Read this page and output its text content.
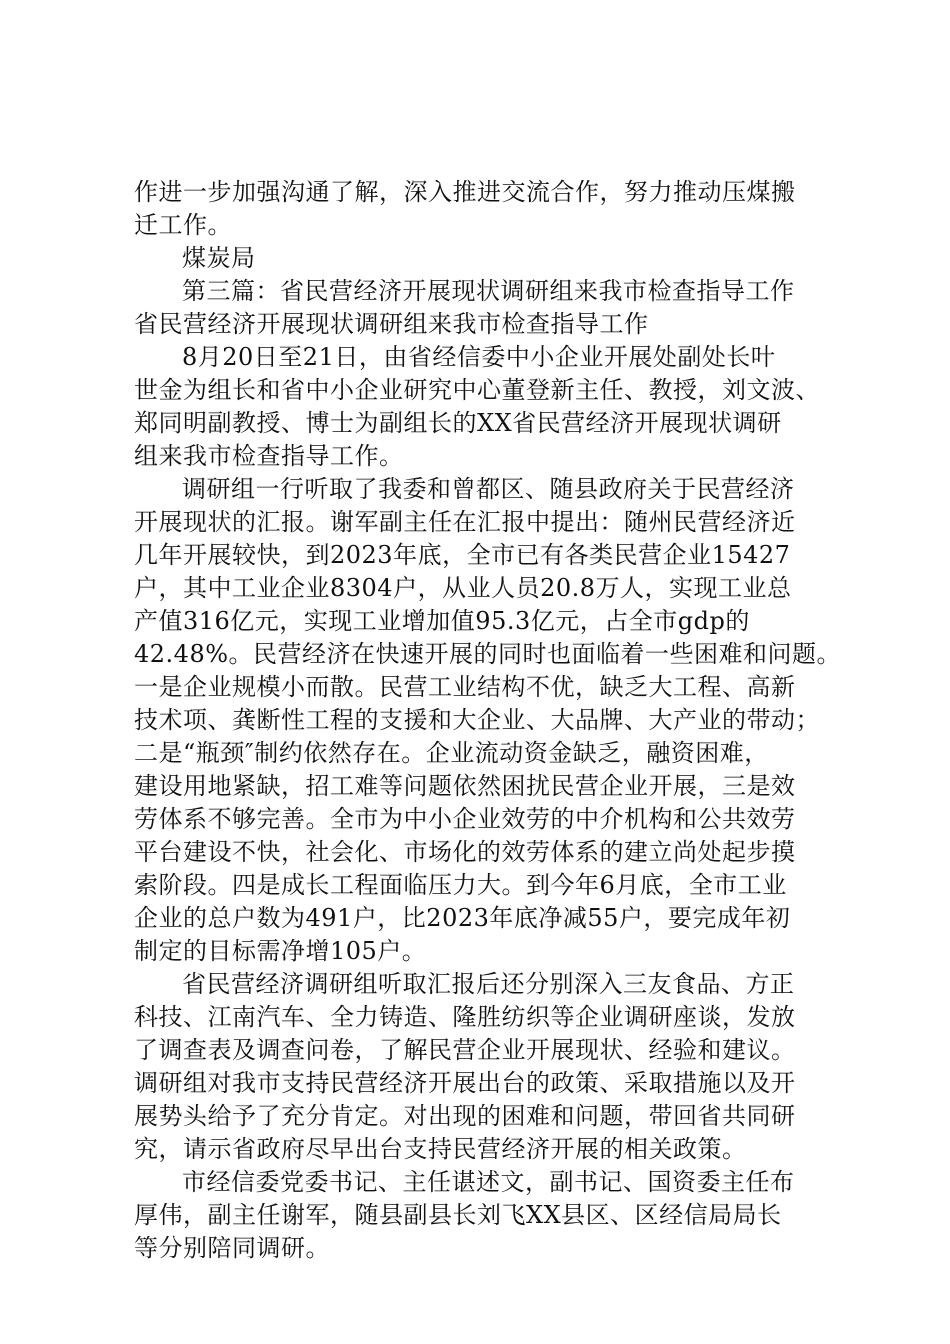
作进一步加强沟通了解，深入推进交流合作，努力推动压煤搬
迁工作。
煤炭局
第三篇：省民营经济开展现状调研组来我市检查指导工作
省民营经济开展现状调研组来我市检查指导工作
8月20日至21日，由省经信委中小企业开展处副处长叶
世金为组长和省中小企业研究中心董登新主任、教授，刘文波、
郑同明副教授、博士为副组长的XX省民营经济开展现状调研
组来我市检查指导工作。
调研组一行听取了我委和曾都区、随县政府关于民营经济
开展现状的汇报。谢军副主任在汇报中提出：随州民营经济近
几年开展较快，到2023年底，全市已有各类民营企业15427
户，其中工业企业8304户，从业人员20.8万人，实现工业总
产值316亿元，实现工业增加值95.3亿元，占全市gdp的
42.48%。民营经济在快速开展的同时也面临着一些困难和问题。
一是企业规模小而散。民营工业结构不优，缺乏大工程、高新
技术项、龚断性工程的支援和大企业、大品牌、大产业的带动；
二是“瓶颈″制约依然存在。企业流动资金缺乏，融资困难，
建设用地紧缺，招工难等问题依然困扰民营企业开展，三是效
劳体系不够完善。全市为中小企业效劳的中介机构和公共效劳
平台建设不快，社会化、市场化的效劳体系的建立尚处起步摸
索阶段。四是成长工程面临压力大。到今年6月底，全市工业
企业的总户数为491户，比2023年底净减55户，要完成年初
制定的目标需净增105户。
省民营经济调研组听取汇报后还分别深入三友食品、方正
科技、江南汽车、全力铸造、隆胜纺织等企业调研座谈，发放
了调查表及调查问卷，了解民营企业开展现状、经验和建议。
调研组对我市支持民营经济开展出台的政策、采取措施以及开
展势头给予了充分肯定。对出现的困难和问题，带回省共同研
究，请示省政府尽早出台支持民营经济开展的相关政策。
市经信委党委书记、主任谌述文，副书记、国资委主任布
厚伟，副主任谢军，随县副县长刘飞XX县区、区经信局局长
等分别陪同调研。
